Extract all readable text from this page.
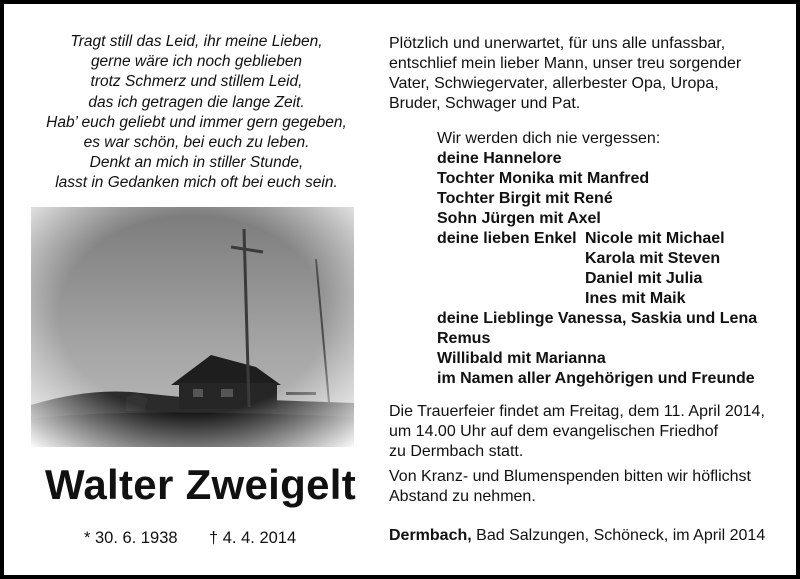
Tragt still das Leid, ihr meine Lieben,
gerne wäre ich noch geblieben
trotz Schmerz und stillem Leid,
das ich getragen die lange Zeit.
Hab’ euch geliebt und immer gern gegeben,
es war schön, bei euch zu leben.
Denkt an mich in stiller Stunde,
lasst in Gedanken mich oft bei euch sein.
Walter Zweigelt
* 30. 6. 1938 † 4. 4. 2014
Plötzlich und unerwartet, für uns alle unfassbar,
entschlief mein lieber Mann, unser treu sorgender
Vater, Schwiegervater, allerbester Opa, Uropa,
Bruder, Schwager und Pat.
Wir werden dich nie vergessen:
deine Hannelore
Tochter Monika mit Manfred
Tochter Birgit mit René
Sohn Jürgen mit Axel
deine lieben Enkel Nicole mit Michael
Karola mit Steven
Daniel mit Julia
Ines mit Maik
deine Lieblinge Vanessa, Saskia und Lena
Remus
Willibald mit Marianna
im Namen aller Angehörigen und Freunde
Die Trauerfeier findet am Freitag, dem 11. April 2014,
um 14.00 Uhr auf dem evangelischen Friedhof
zu Dermbach statt.
Von Kranz- und Blumenspenden bitten wir höflichst
Abstand zu nehmen.
Dermbach, Bad Salzungen, Schöneck, im April 2014
